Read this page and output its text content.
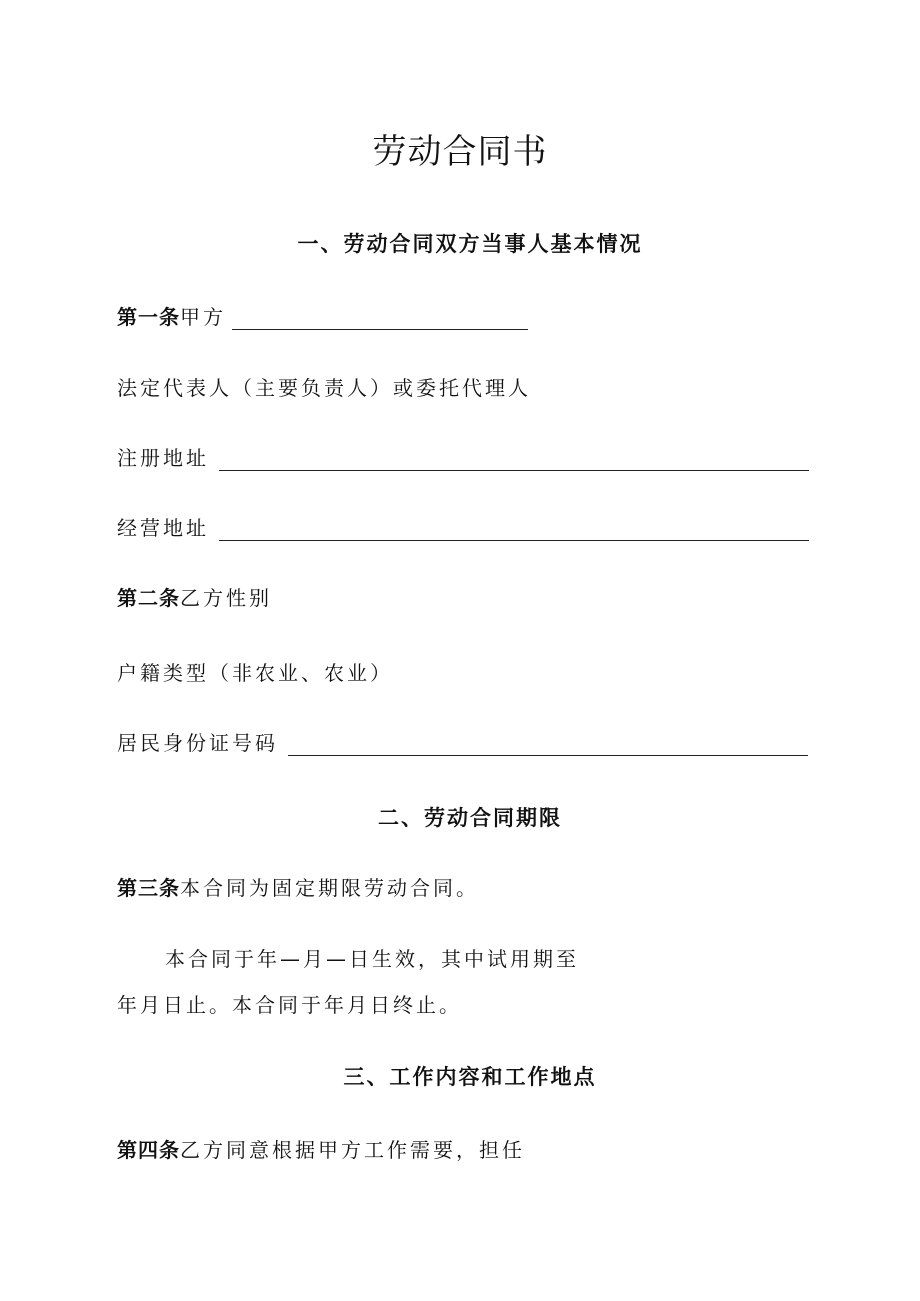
劳动合同书
一、劳动合同双方当事人基本情况
第一条 甲方
法定代表人（主要负责人）或委托代理人
注册地址
经营地址
第二条 乙方性别
户籍类型（非农业、农业）
居民身份证号码
二、劳动合同期限
第三条 本合同为固定期限劳动合同。
本合同于年—月—日生效，其中试用期至
年月日止。本合同于年月日终止。
三、工作内容和工作地点
第四条 乙方同意根据甲方工作需要，担任
